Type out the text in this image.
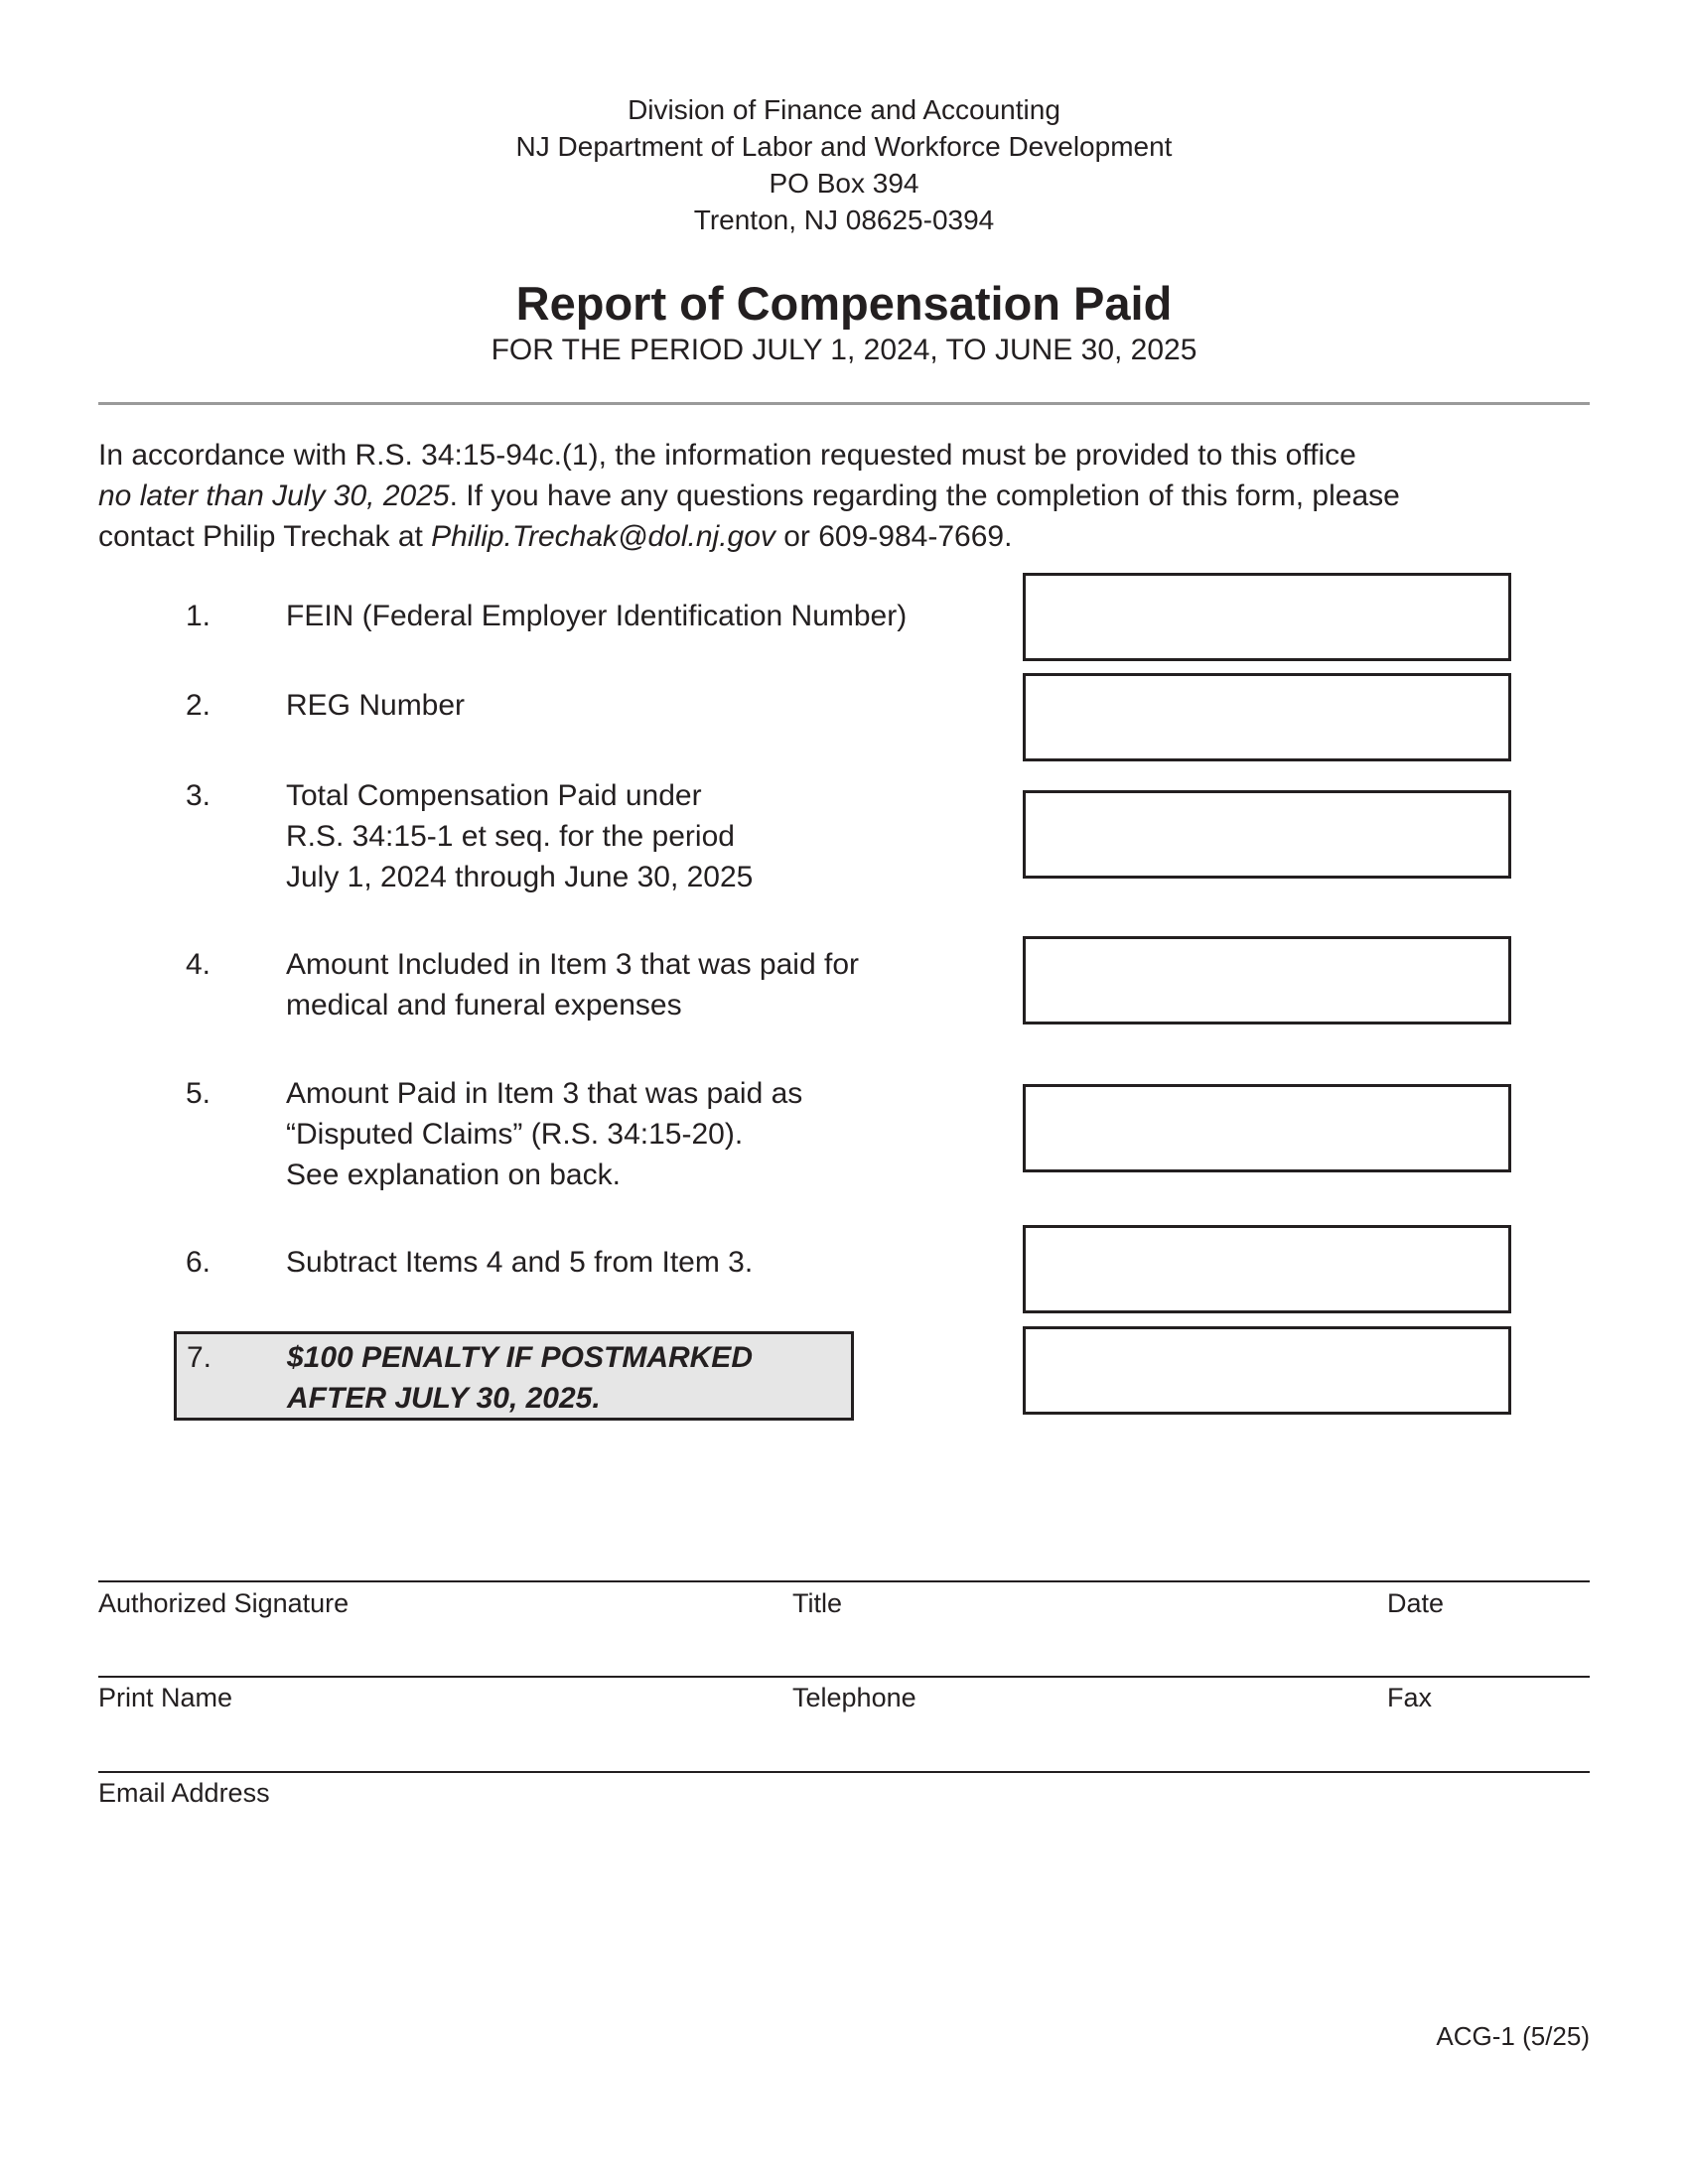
Division of Finance and Accounting
NJ Department of Labor and Workforce Development
PO Box 394
Trenton, NJ 08625-0394
Report of Compensation Paid
FOR THE PERIOD JULY 1, 2024, TO JUNE 30, 2025
In accordance with R.S. 34:15-94c.(1), the information requested must be provided to this office
no later than July 30, 2025. If you have any questions regarding the completion of this form, please
contact Philip Trechak at Philip.Trechak@dol.nj.gov or 609-984-7669.
1.	FEIN (Federal Employer Identification Number)
2.	REG Number
3.	Total Compensation Paid under
R.S. 34:15-1 et seq. for the period
July 1, 2024 through June 30, 2025
4.	Amount Included in Item 3 that was paid for
medical and funeral expenses
5.	Amount Paid in Item 3 that was paid as
“Disputed Claims” (R.S. 34:15-20).
See explanation on back.
6.	Subtract Items 4 and 5 from Item 3.
7.	$100 PENALTY IF POSTMARKED
AFTER JULY 30, 2025.
Authorized Signature	Title	Date
Print Name	Telephone	Fax
Email Address
ACG-1 (5/25)
